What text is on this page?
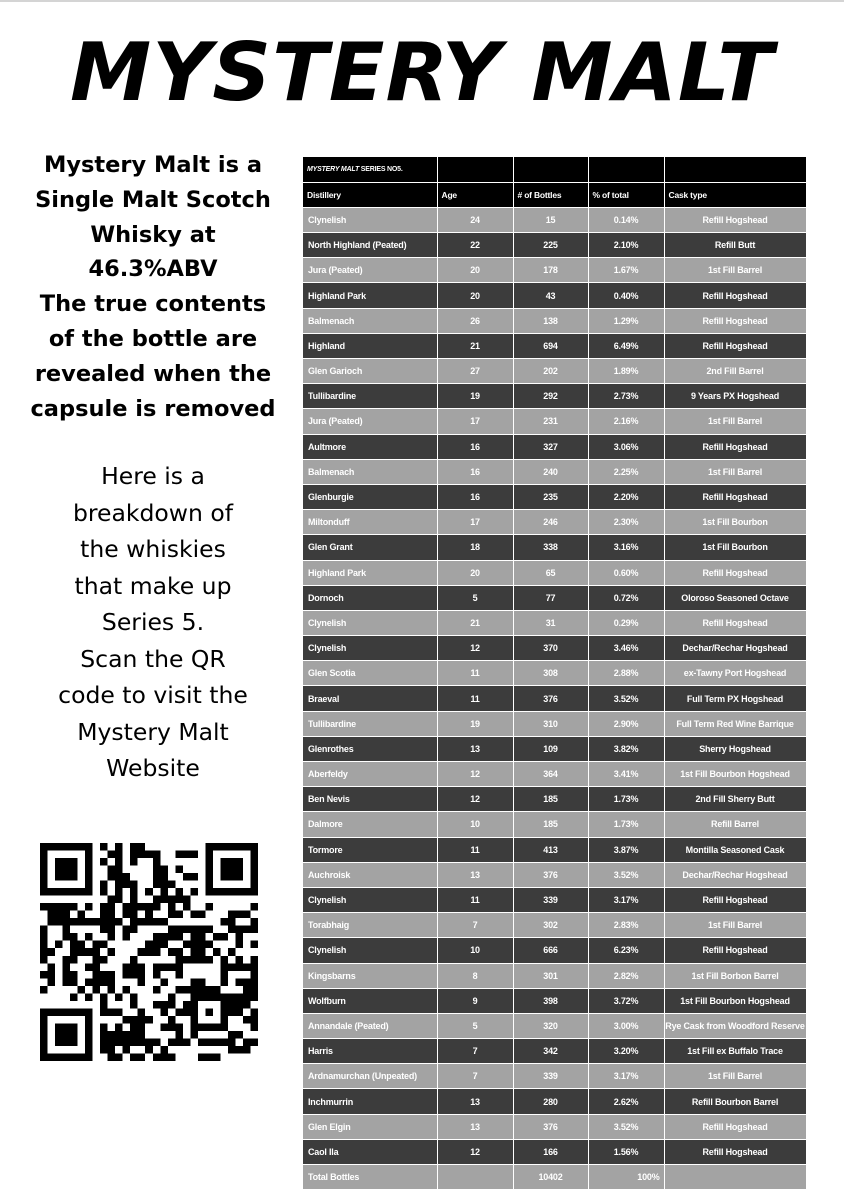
MYSTERY MALT
Mystery Malt is a
Single Malt Scotch
Whisky at
46.3%ABV
The true contents
of the bottle are
revealed when the
capsule is removed
Here is a
breakdown of
the whiskies
that make up
Series 5.
Scan the QR
code to visit the
Mystery Malt
Website
MYSTERY MALT SERIES NO5.				
Distillery	Age	# of Bottles	% of total	Cask type
Clynelish	24	15	0.14%	Refill Hogshead
North Highland (Peated)	22	225	2.10%	Refill Butt
Jura (Peated)	20	178	1.67%	1st Fill Barrel
Highland Park	20	43	0.40%	Refill Hogshead
Balmenach	26	138	1.29%	Refill Hogshead
Highland	21	694	6.49%	Refill Hogshead
Glen Garioch	27	202	1.89%	2nd Fill Barrel
Tullibardine	19	292	2.73%	9 Years PX Hogshead
Jura (Peated)	17	231	2.16%	1st Fill Barrel
Aultmore	16	327	3.06%	Refill Hogshead
Balmenach	16	240	2.25%	1st Fill Barrel
Glenburgie	16	235	2.20%	Refill Hogshead
Miltonduff	17	246	2.30%	1st Fill Bourbon
Glen Grant	18	338	3.16%	1st Fill Bourbon
Highland Park	20	65	0.60%	Refill Hogshead
Dornoch	5	77	0.72%	Oloroso Seasoned Octave
Clynelish	21	31	0.29%	Refill Hogshead
Clynelish	12	370	3.46%	Dechar/Rechar Hogshead
Glen Scotia	11	308	2.88%	ex-Tawny Port Hogshead
Braeval	11	376	3.52%	Full Term PX Hogshead
Tullibardine	19	310	2.90%	Full Term Red Wine Barrique
Glenrothes	13	109	3.82%	Sherry Hogshead
Aberfeldy	12	364	3.41%	1st Fill Bourbon Hogshead
Ben Nevis	12	185	1.73%	2nd Fill Sherry Butt
Dalmore	10	185	1.73%	Refill Barrel
Tormore	11	413	3.87%	Montilla Seasoned Cask
Auchroisk	13	376	3.52%	Dechar/Rechar Hogshead
Clynelish	11	339	3.17%	Refill Hogshead
Torabhaig	7	302	2.83%	1st Fill Barrel
Clynelish	10	666	6.23%	Refill Hogshead
Kingsbarns	8	301	2.82%	1st Fill Borbon Barrel
Wolfburn	9	398	3.72%	1st Fill Bourbon Hogshead
Annandale (Peated)	5	320	3.00%	Rye Cask from Woodford Reserve
Harris	7	342	3.20%	1st Fill ex Buffalo Trace
Ardnamurchan (Unpeated)	7	339	3.17%	1st Fill Barrel
Inchmurrin	13	280	2.62%	Refill Bourbon Barrel
Glen Elgin	13	376	3.52%	Refill Hogshead
Caol Ila	12	166	1.56%	Refill Hogshead
Total Bottles		10402	100%	
